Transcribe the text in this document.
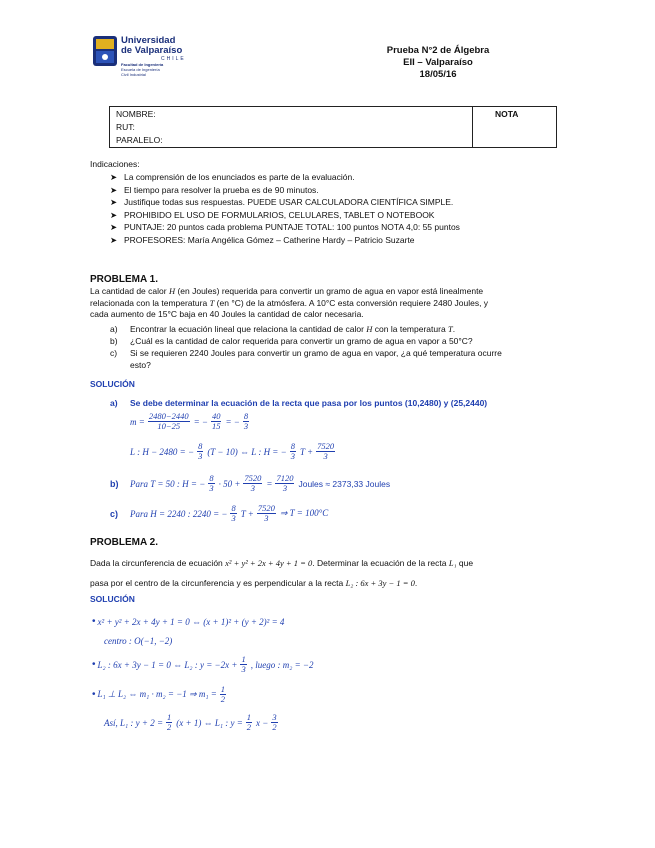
Universidad
de Valparaíso
CHILE
Facultad de Ingeniería
Escuela de Ingeniería
Civil Industrial
Prueba N°2 de Álgebra
EII – Valparaíso
18/05/16
NOMBRE:
RUT:
PARALELO:
NOTA
Indicaciones:
➤ La comprensión de los enunciados es parte de la evaluación.
➤ El tiempo para resolver la prueba es de 90 minutos.
➤ Justifique todas sus respuestas. PUEDE USAR CALCULADORA CIENTÍFICA SIMPLE.
➤ PROHIBIDO EL USO DE FORMULARIOS, CELULARES, TABLET O NOTEBOOK
➤ PUNTAJE: 20 puntos cada problema PUNTAJE TOTAL: 100 puntos NOTA 4,0: 55 puntos
➤ PROFESORES: María Angélica Gómez – Catherine Hardy – Patricio Suzarte
PROBLEMA 1.
La cantidad de calor H (en Joules) requerida para convertir un gramo de agua en vapor está linealmente
relacionada con la temperatura T (en °C) de la atmósfera. A 10°C esta conversión requiere 2480 Joules, y
cada aumento de 15°C baja en 40 Joules la cantidad de calor necesaria.
a) Encontrar la ecuación lineal que relaciona la cantidad de calor H con la temperatura T.
b) ¿Cuál es la cantidad de calor requerida para convertir un gramo de agua en vapor a 50°C?
c) Si se requieren 2240 Joules para convertir un gramo de agua en vapor, ¿a qué temperatura ocurre
esto?
SOLUCIÓN
a) Se debe determinar la ecuación de la recta que pasa por los puntos (10,2480) y (25,2440)
$m = \frac{2480-2440}{10-25}$ = − $\frac{40}{15}$ = − $\frac{8}{3}$
L : H − 2480 = − $\frac{8}{3} (T - 10)$ ⇔ L : H = − $\frac{8}{3}$ $T + \frac{7520}{3}$
b)	Para T = 50 : H = − $\frac{8}{3} \cdot 50 + \frac{7520}{3} = \frac{7120}{3}$ Joules ≈ 2373,33 Joules
c)	Para H = 2240 : 2240 = − $\frac{8}{3}$ $T + \frac{7520}{3}$ ⇒ T = 100°C
PROBLEMA 2.
Dada la circunferencia de ecuación x² + y² + 2x + 4y + 1 = 0. Determinar la ecuación de la recta L₁ que
pasa por el centro de la circunferencia y es perpendicular a la recta L₂ : 6x + 3y − 1 = 0.
SOLUCIÓN
• x² + y² + 2x + 4y + 1 = 0 ⇔ (x + 1)² + (y + 2)² = 4
centro : O(−1, −2)
• L₂ : 6x + 3y − 1 = 0 ⇔ L₂ : $y = -2x + \frac{1}{3}$ , luego : m₂ = −2
• L₁ ⊥ L₂ ⇔ m₁ · m₂ = −1 ⇒ $m_1 = \frac{1}{2}$
Así, L₁ : $y + 2 = \frac{1}{2} (x + 1)$ ⇔ L₁ : $y = \frac{1}{2}$ $x - \frac{3}{2}$
